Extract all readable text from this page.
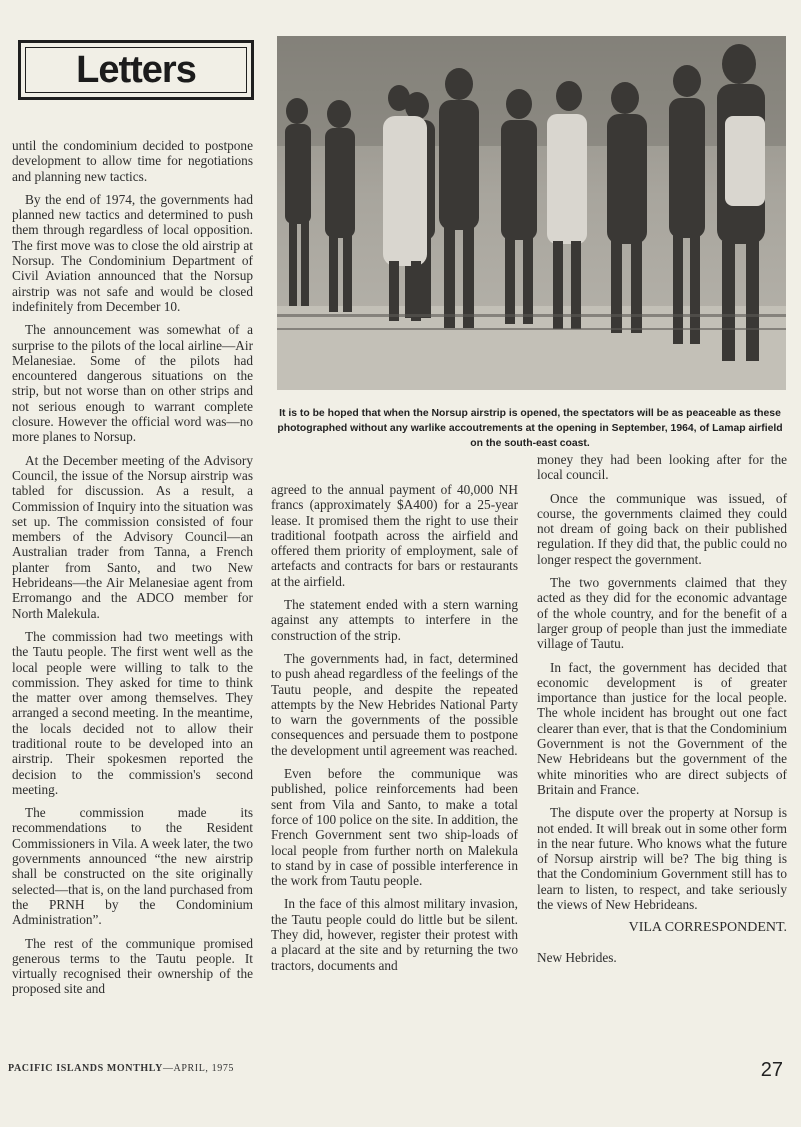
Letters
It is to be hoped that when the Norsup airstrip is opened, the spectators will be as peaceable as these photographed without any warlike accoutrements at the opening in September, 1964, of Lamap airfield on the south-east coast.

until the condominium decided to postpone development to allow time for negotiations and planning new tactics.

By the end of 1974, the governments had planned new tactics and determined to push them through regardless of local opposition. The first move was to close the old airstrip at Norsup. The Condominium Department of Civil Aviation announced that the Norsup airstrip was not safe and would be closed indefinitely from December 10.

The announcement was somewhat of a surprise to the pilots of the local airline—Air Melanesiae. Some of the pilots had encountered dangerous situations on the strip, but not worse than on other strips and not serious enough to warrant complete closure. However the official word was—no more planes to Norsup.

At the December meeting of the Advisory Council, the issue of the Norsup airstrip was tabled for discussion. As a result, a Commission of Inquiry into the situation was set up. The commission consisted of four members of the Advisory Council—an Australian trader from Tanna, a French planter from Santo, and two New Hebrideans—the Air Melanesiae agent from Erromango and the ADCO member for North Malekula.

The commission had two meetings with the Tautu people. The first went well as the local people were willing to talk to the commission. They asked for time to think the matter over among themselves. They arranged a second meeting. In the meantime, the locals decided not to allow their traditional route to be developed into an airstrip. Their spokesmen reported the decision to the commission's second meeting.

The commission made its recommendations to the Resident Commissioners in Vila. A week later, the two governments announced “the new airstrip shall be constructed on the site originally selected—that is, on the land purchased from the PRNH by the Condominium Administration”.

The rest of the communique promised generous terms to the Tautu people. It virtually recognised their ownership of the proposed site and

agreed to the annual payment of 40,000 NH francs (approximately $A400) for a 25-year lease. It promised them the right to use their traditional footpath across the airfield and offered them priority of employment, sale of artefacts and contracts for bars or restaurants at the airfield.

The statement ended with a stern warning against any attempts to interfere in the construction of the strip.

The governments had, in fact, determined to push ahead regardless of the feelings of the Tautu people, and despite the repeated attempts by the New Hebrides National Party to warn the governments of the possible consequences and persuade them to postpone the development until agreement was reached.

Even before the communique was published, police reinforcements had been sent from Vila and Santo, to make a total force of 100 police on the site. In addition, the French Government sent two ship-loads of local people from further north on Malekula to stand by in case of possible interference in the work from Tautu people.

In the face of this almost military invasion, the Tautu people could do little but be silent. They did, however, register their protest with a placard at the site and by returning the two tractors, documents and

money they had been looking after for the local council.

Once the communique was issued, of course, the governments claimed they could not dream of going back on their published regulation. If they did that, the public could no longer respect the government.

The two governments claimed that they acted as they did for the economic advantage of the whole country, and for the benefit of a larger group of people than just the immediate village of Tautu.

In fact, the government has decided that economic development is of greater importance than justice for the local people. The whole incident has brought out one fact clearer than ever, that is that the Condominium Government is not the Government of the New Hebrideans but the government of the white minorities who are direct subjects of Britain and France.

The dispute over the property at Norsup is not ended. It will break out in some other form in the near future. Who knows what the future of Norsup airstrip will be? The big thing is that the Condominium Government still has to learn to listen, to respect, and take seriously the views of New Hebrideans.

VILA CORRESPONDENT.

New Hebrides.

PACIFIC ISLANDS MONTHLY—APRIL, 1975	27
